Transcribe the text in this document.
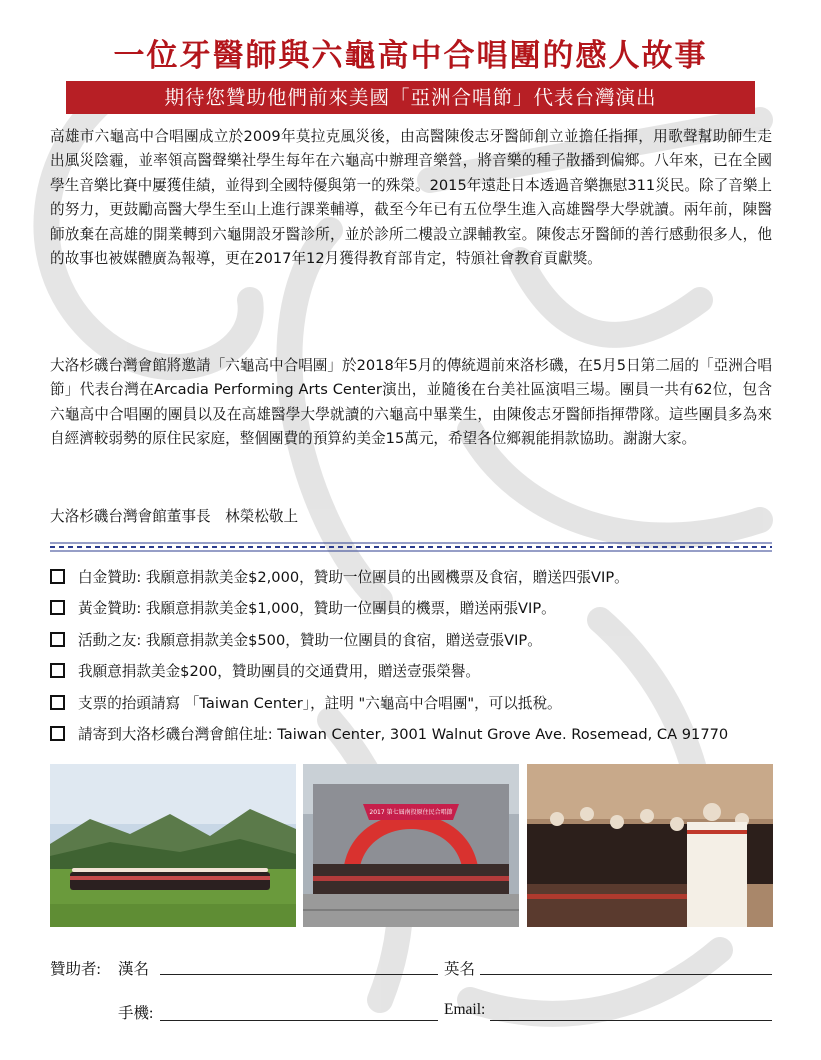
一位牙醫師與六龜高中合唱團的感人故事
期待您贊助他們前來美國「亞洲合唱節」代表台灣演出

高雄市六龜高中合唱團成立於2009年莫拉克風災後，由高醫陳俊志牙醫師創立並擔任指揮，用歌聲幫助師生走出風災陰霾，並率領高醫聲樂社學生每年在六龜高中辦理音樂營，將音樂的種子散播到偏鄉。八年來，已在全國學生音樂比賽中屢獲佳績，並得到全國特優與第一的殊榮。2015年遠赴日本透過音樂撫慰311災民。除了音樂上的努力，更鼓勵高醫大學生至山上進行課業輔導，截至今年已有五位學生進入高雄醫學大學就讀。兩年前，陳醫師放棄在高雄的開業轉到六龜開設牙醫診所，並於診所二樓設立課輔教室。陳俊志牙醫師的善行感動很多人，他的故事也被媒體廣為報導，更在2017年12月獲得教育部肯定，特頒社會教育貢獻獎。

大洛杉磯台灣會館將邀請「六龜高中合唱團」於2018年5月的傳統週前來洛杉磯，在5月5日第二屆的「亞洲合唱節」代表台灣在Arcadia Performing Arts Center演出，並隨後在台美社區演唱三場。團員一共有62位，包含六龜高中合唱團的團員以及在高雄醫學大學就讀的六龜高中畢業生，由陳俊志牙醫師指揮帶隊。這些團員多為來自經濟較弱勢的原住民家庭，整個團費的預算約美金15萬元，希望各位鄉親能捐款協助。謝謝大家。

大洛杉磯台灣會館董事長　林榮松敬上
白金贊助: 我願意捐款美金$2,000，贊助一位團員的出國機票及食宿，贈送四張VIP。
黃金贊助: 我願意捐款美金$1,000，贊助一位團員的機票，贈送兩張VIP。
活動之友: 我願意捐款美金$500，贊助一位團員的食宿，贈送壹張VIP。
我願意捐款美金$200，贊助團員的交通費用，贈送壹張榮譽。
支票的抬頭請寫 「Taiwan Center」，註明 "六龜高中合唱團"，可以抵稅。
請寄到大洛杉磯台灣會館住址: Taiwan Center, 3001 Walnut Grove Ave. Rosemead, CA 91770
2017 第七屆南投原住民合唱節
贊助者: 漢名	英名
手機:	Email:
